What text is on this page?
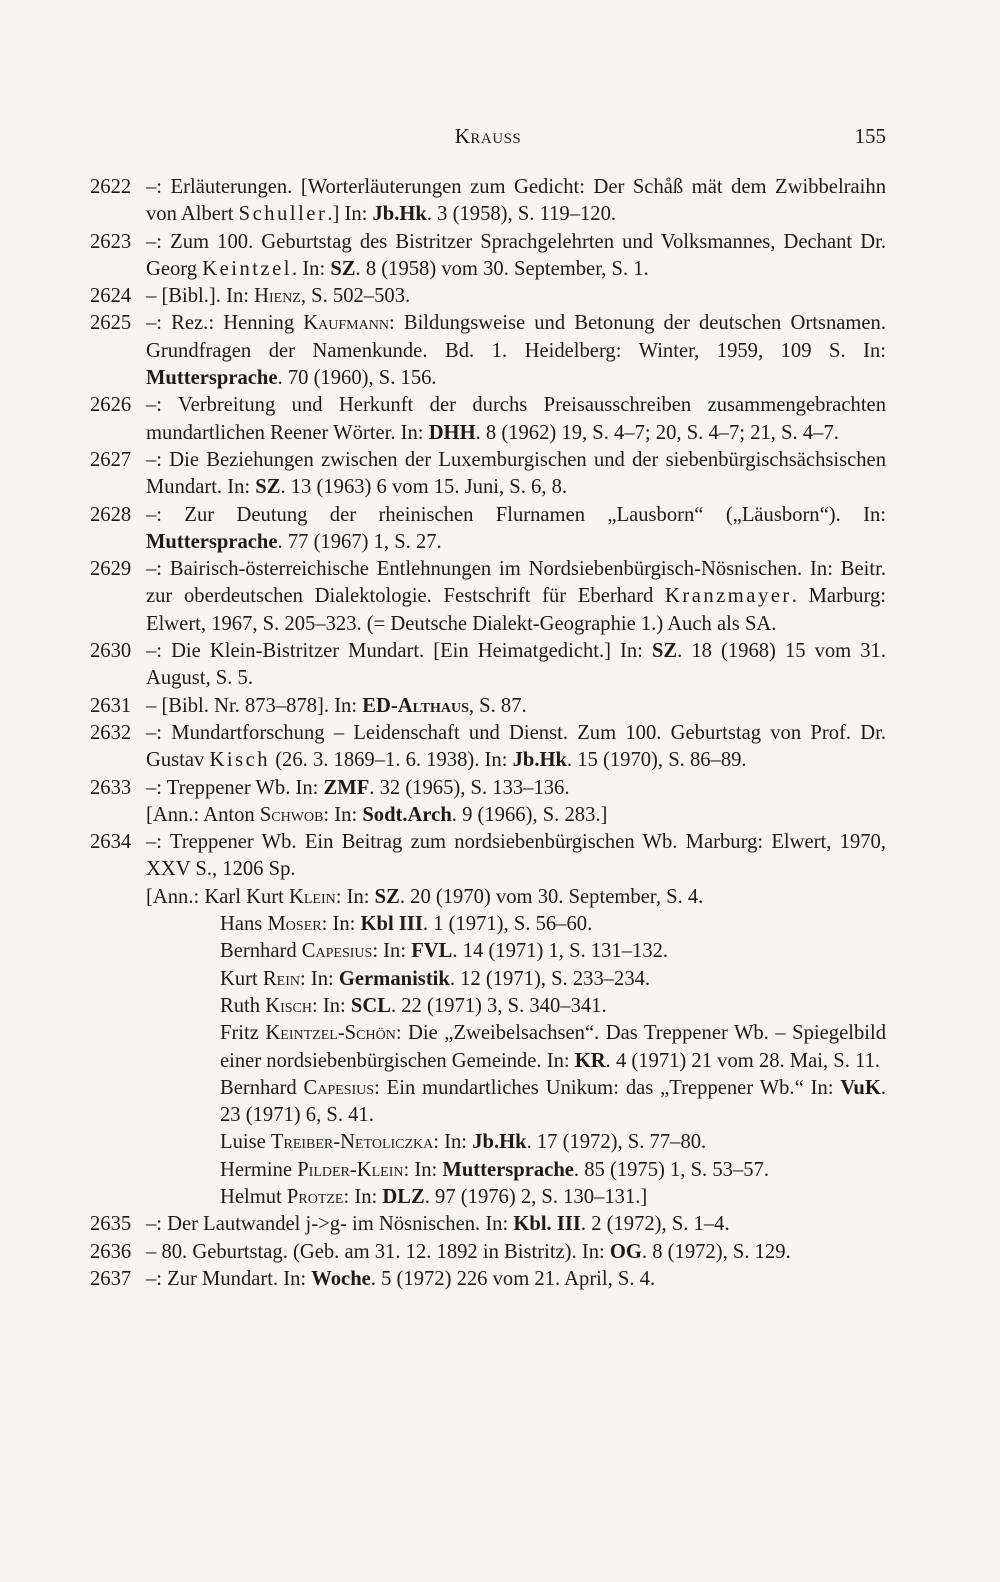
Krauss	155
2622 –: Erläuterungen. [Worterläuterungen zum Gedicht: Der Schåß mät dem Zwibbelraihn von Albert Schuller.] In: Jb.Hk. 3 (1958), S. 119–120.
2623 –: Zum 100. Geburtstag des Bistritzer Sprachgelehrten und Volksmannes, Dechant Dr. Georg Keintzel. In: SZ. 8 (1958) vom 30. September, S. 1.
2624 – [Bibl.]. In: Hienz, S. 502–503.
2625 –: Rez.: Henning Kaufmann: Bildungsweise und Betonung der deutschen Ortsnamen. Grundfragen der Namenkunde. Bd. 1. Heidelberg: Winter, 1959, 109 S. In: Muttersprache. 70 (1960), S. 156.
2626 –: Verbreitung und Herkunft der durchs Preisausschreiben zusammengebrachten mundartlichen Reener Wörter. In: DHH. 8 (1962) 19, S. 4–7; 20, S. 4–7; 21, S. 4–7.
2627 –: Die Beziehungen zwischen der Luxemburgischen und der siebenbürgischsächsischen Mundart. In: SZ. 13 (1963) 6 vom 15. Juni, S. 6, 8.
2628 –: Zur Deutung der rheinischen Flurnamen „Lausborn“ („Läusborn“). In: Muttersprache. 77 (1967) 1, S. 27.
2629 –: Bairisch-österreichische Entlehnungen im Nordsiebenbürgisch-Nösnischen. In: Beitr. zur oberdeutschen Dialektologie. Festschrift für Eberhard Kranzmayer. Marburg: Elwert, 1967, S. 205–323. (= Deutsche Dialekt-Geographie 1.) Auch als SA.
2630 –: Die Klein-Bistritzer Mundart. [Ein Heimatgedicht.] In: SZ. 18 (1968) 15 vom 31. August, S. 5.
2631 – [Bibl. Nr. 873–878]. In: ED-Althaus, S. 87.
2632 –: Mundartforschung – Leidenschaft und Dienst. Zum 100. Geburtstag von Prof. Dr. Gustav Kisch (26. 3. 1869–1. 6. 1938). In: Jb.Hk. 15 (1970), S. 86–89.
2633 –: Treppener Wb. In: ZMF. 32 (1965), S. 133–136.
[Ann.: Anton Schwob: In: Sodt.Arch. 9 (1966), S. 283.]
2634 –: Treppener Wb. Ein Beitrag zum nordsiebenbürgischen Wb. Marburg: Elwert, 1970, XXV S., 1206 Sp.
[Ann.: Karl Kurt Klein: In: SZ. 20 (1970) vom 30. September, S. 4.
Hans Moser: In: Kbl III. 1 (1971), S. 56–60.
Bernhard Capesius: In: FVL. 14 (1971) 1, S. 131–132.
Kurt Rein: In: Germanistik. 12 (1971), S. 233–234.
Ruth Kisch: In: SCL. 22 (1971) 3, S. 340–341.
Fritz Keintzel-Schön: Die „Zweibelsachsen“. Das Treppener Wb. – Spiegelbild einer nordsiebenbürgischen Gemeinde. In: KR. 4 (1971) 21 vom 28. Mai, S. 11.
Bernhard Capesius: Ein mundartliches Unikum: das „Treppener Wb.“ In: VuK. 23 (1971) 6, S. 41.
Luise Treiber-Netoliczka: In: Jb.Hk. 17 (1972), S. 77–80.
Hermine Pilder-Klein: In: Muttersprache. 85 (1975) 1, S. 53–57.
Helmut Protze: In: DLZ. 97 (1976) 2, S. 130–131.]
2635 –: Der Lautwandel j->g- im Nösnischen. In: Kbl. III. 2 (1972), S. 1–4.
2636 – 80. Geburtstag. (Geb. am 31. 12. 1892 in Bistritz). In: OG. 8 (1972), S. 129.
2637 –: Zur Mundart. In: Woche. 5 (1972) 226 vom 21. April, S. 4.
